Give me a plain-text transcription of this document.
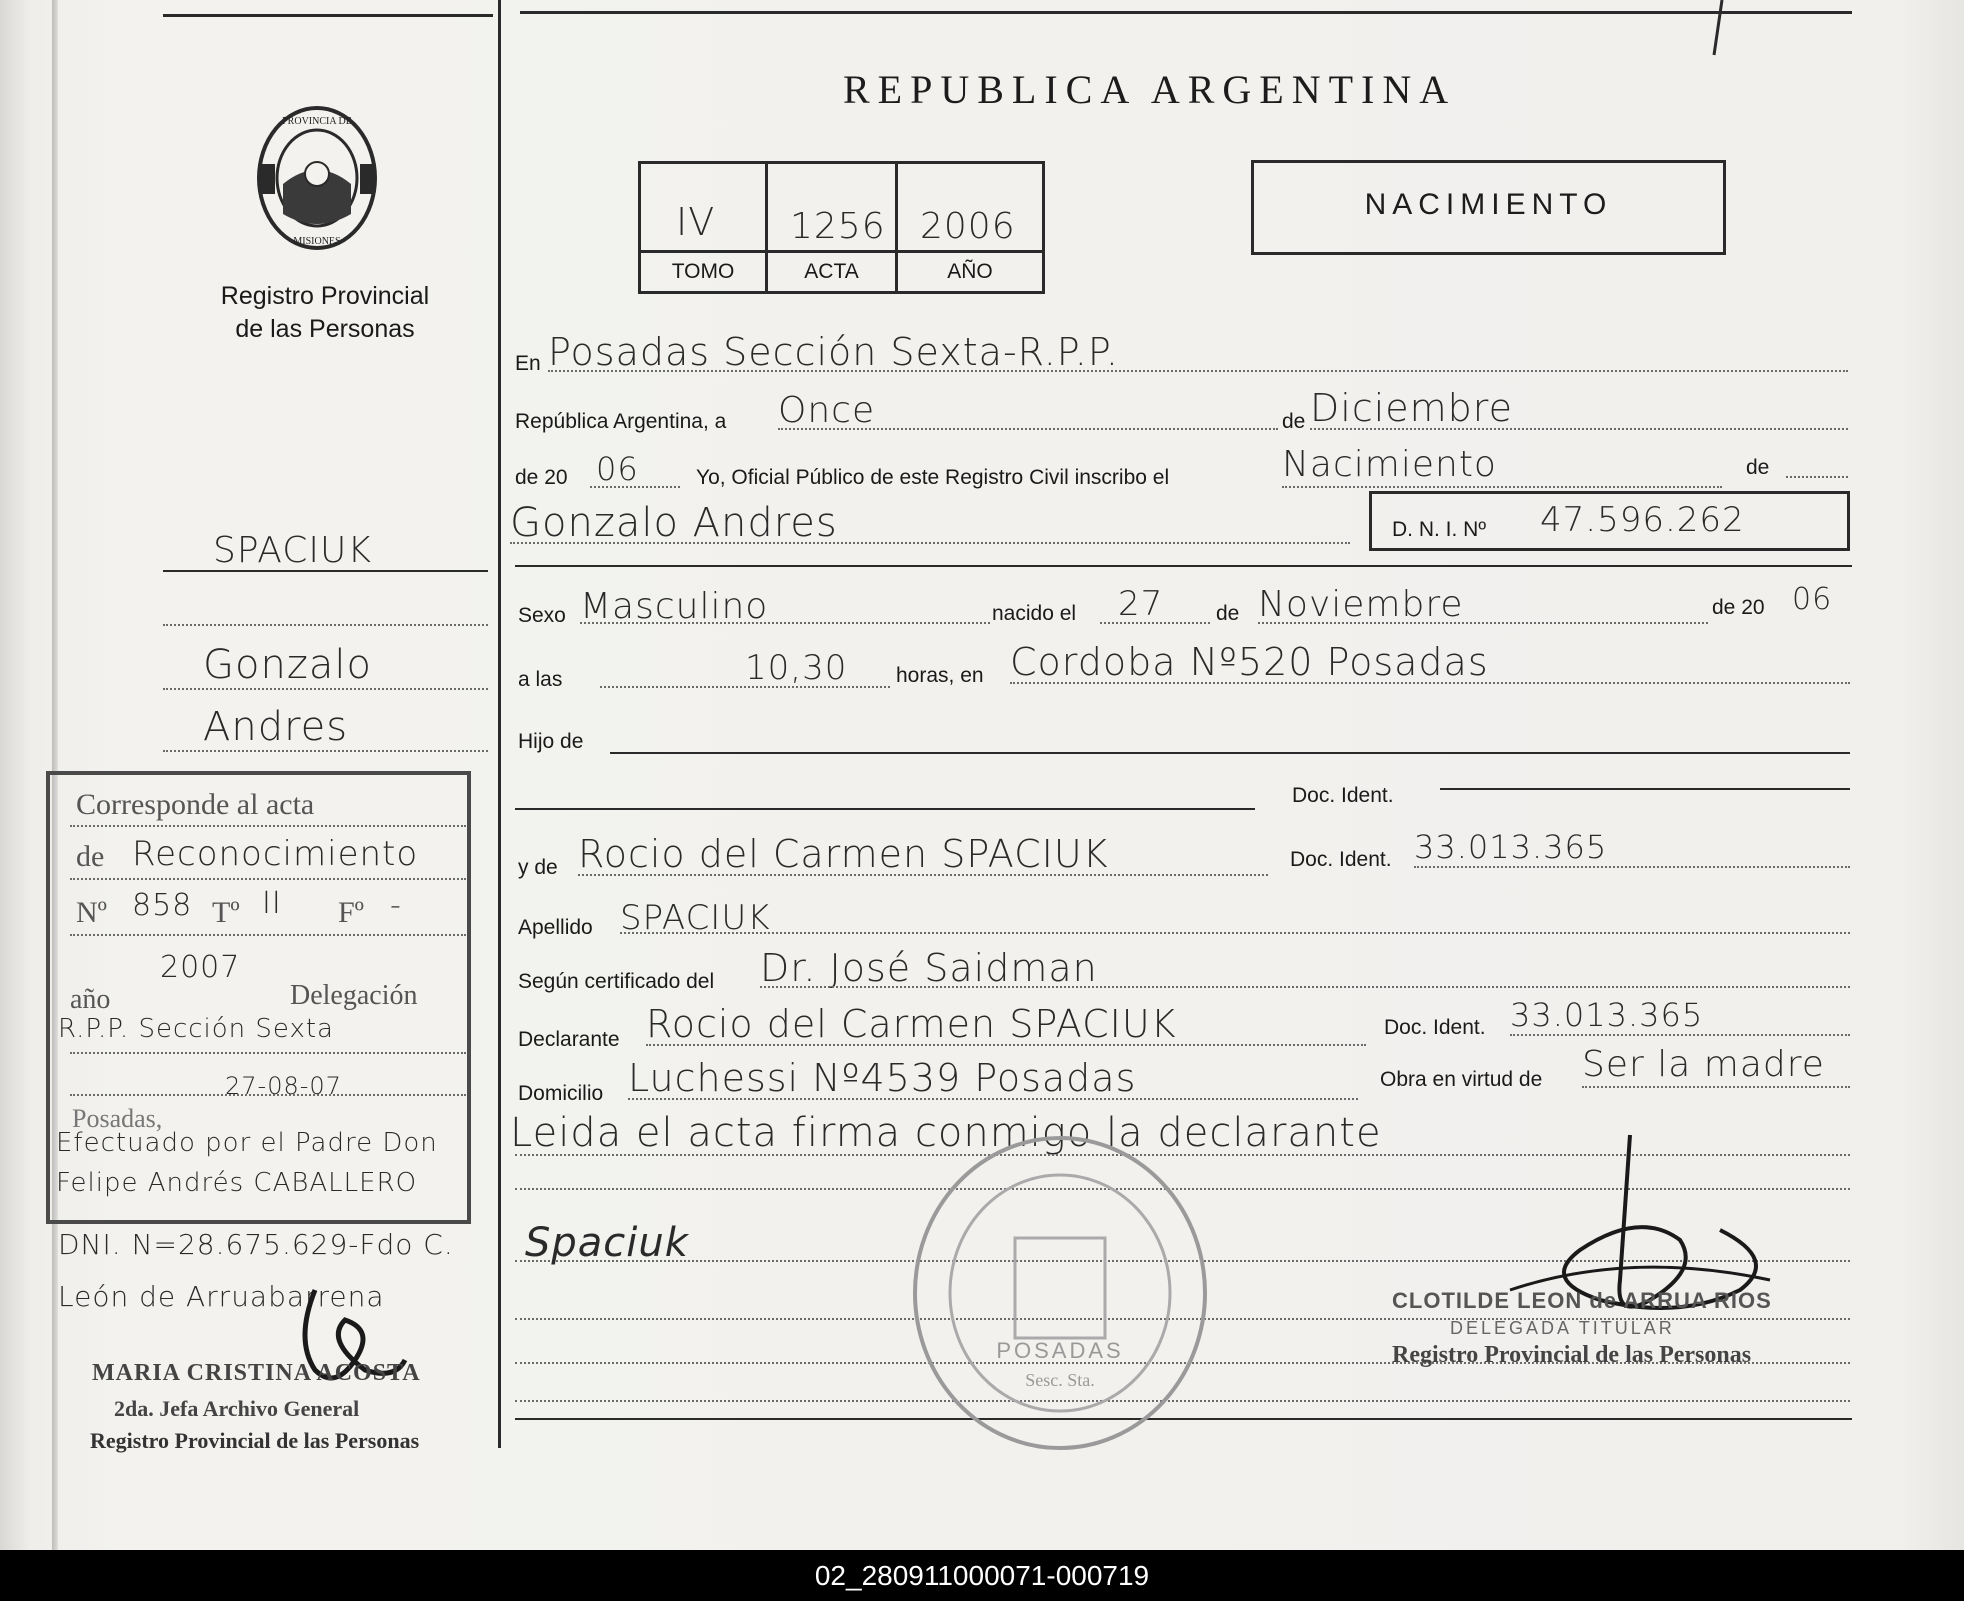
PROVINCIA DE
MISIONES
Registro Provincial
de las Personas
SPACIUK
Gonzalo
Andres
Corresponde al acta
de Reconocimiento
Nº 858 Tº II Fº -
2007
año	Delegación
R.P.P. Sección Sexta
27-08-07
Posadas,
Efectuado por el Padre Don
Felipe Andrés CABALLERO
DNI. N=28.675.629-Fdo C.
León de Arruabarrena
MARIA CRISTINA ACOSTA
2da. Jefa Archivo General
Registro Provincial de las Personas
REPUBLICA ARGENTINA
IV 1256 2006
TOMO	ACTA	AÑO
NACIMIENTO
En Posadas Sección Sexta-R.P.P.
República Argentina, a Once	de Diciembre
de 20 06	Yo, Oficial Público de este Registro Civil inscribo el	Nacimiento	de
Gonzalo Andres	D. N. I. Nº 47.596.262
Sexo Masculino	nacido el 27	de Noviembre	de 20 06
a las	10,30 horas, en Cordoba Nº520 Posadas
Hijo de
Doc. Ident.
y de Rocio del Carmen SPACIUK	Doc. Ident. 33.013.365
Apellido SPACIUK
Según certificado del Dr. José Saidman
Declarante Rocio del Carmen SPACIUK	Doc. Ident. 33.013.365
Domicilio Luchessi Nº4539 Posadas	Obra en virtud de Ser la madre
Leida el acta firma conmigo la declarante
Spaciuk
POSADAS
Sesc. Sta.
CLOTILDE LEON de ARRUA RIOS
DELEGADA TITULAR
Registro Provincial de las Personas
02_280911000071-000719
